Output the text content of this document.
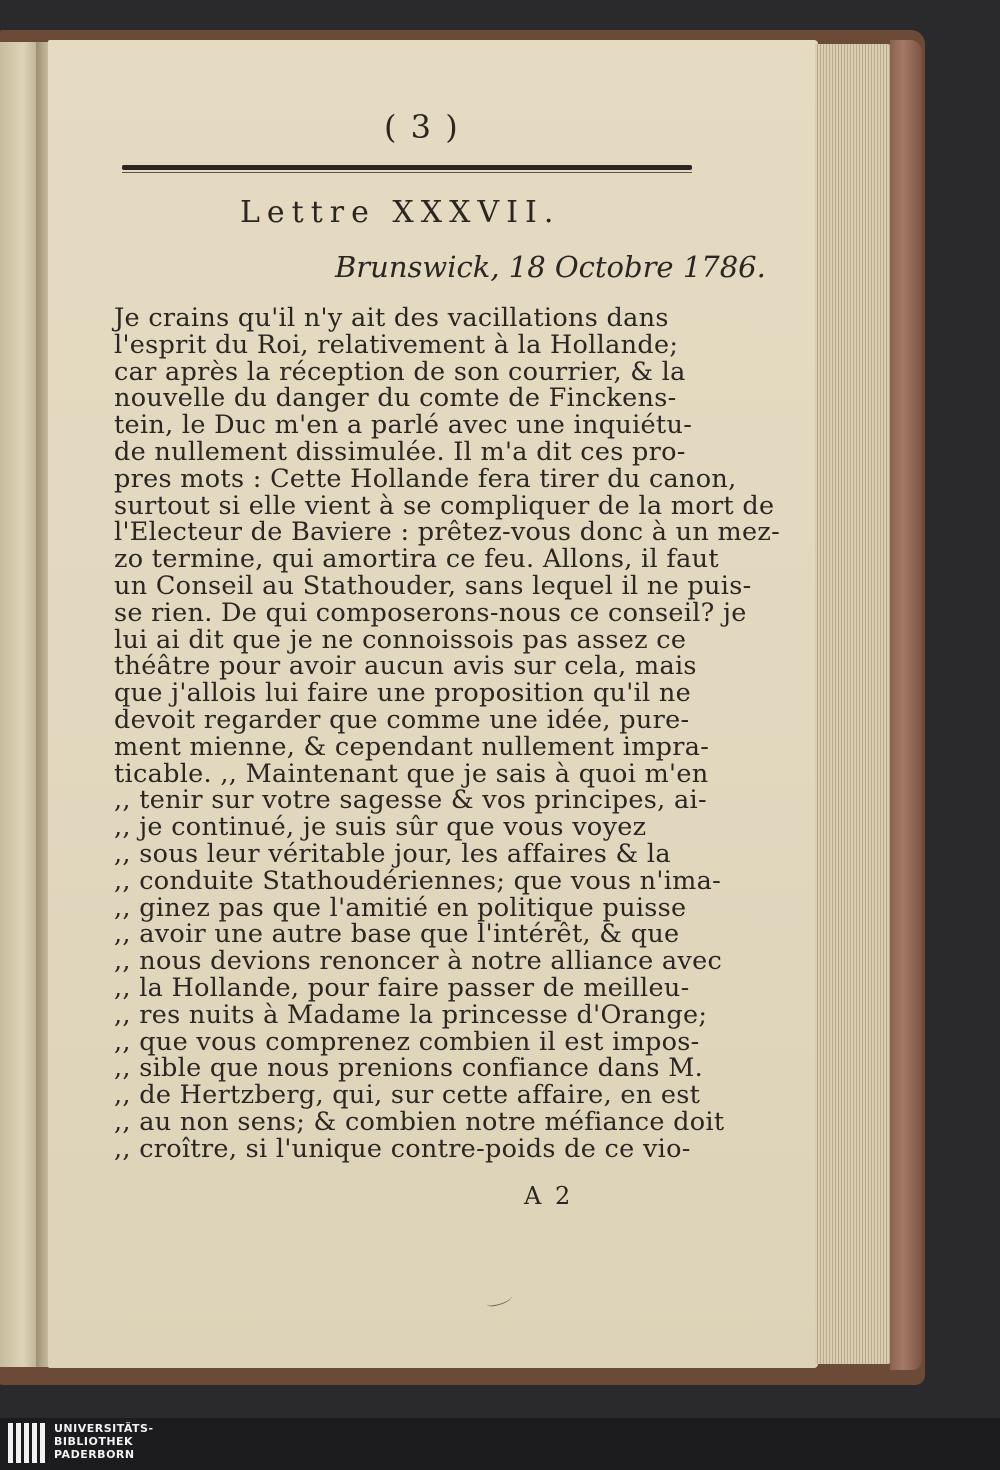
( 3 )
Lettre XXXVII.
Brunswick, 18 Octobre 1786.
Je crains qu'il n'y ait des vacillations dans
l'esprit du Roi, relativement à la Hollande;
car après la réception de son courrier, & la
nouvelle du danger du comte de Finckens-
tein, le Duc m'en a parlé avec une inquiétu-
de nullement dissimulée. Il m'a dit ces pro-
pres mots : Cette Hollande fera tirer du canon,
surtout si elle vient à se compliquer de la mort de
l'Electeur de Baviere : prêtez-vous donc à un mez-
zo termine, qui amortira ce feu. Allons, il faut
un Conseil au Stathouder, sans lequel il ne puis-
se rien. De qui composerons-nous ce conseil? je
lui ai dit que je ne connoissois pas assez ce
théâtre pour avoir aucun avis sur cela, mais
que j'allois lui faire une proposition qu'il ne
devoit regarder que comme une idée, pure-
ment mienne, & cependant nullement impra-
ticable. ,, Maintenant que je sais à quoi m'en
,, tenir sur votre sagesse & vos principes, ai-
,, je continué, je suis sûr que vous voyez
,, sous leur véritable jour, les affaires & la
,, conduite Stathoudériennes; que vous n'ima-
,, ginez pas que l'amitié en politique puisse
,, avoir une autre base que l'intérêt, & que
,, nous devions renoncer à notre alliance avec
,, la Hollande, pour faire passer de meilleu-
,, res nuits à Madame la princesse d'Orange;
,, que vous comprenez combien il est impos-
,, sible que nous prenions confiance dans M.
,, de Hertzberg, qui, sur cette affaire, en est
,, au non sens; & combien notre méfiance doit
,, croître, si l'unique contre-poids de ce vio-
A 2
UNIVERSITÄTS-
BIBLIOTHEK
PADERBORN
